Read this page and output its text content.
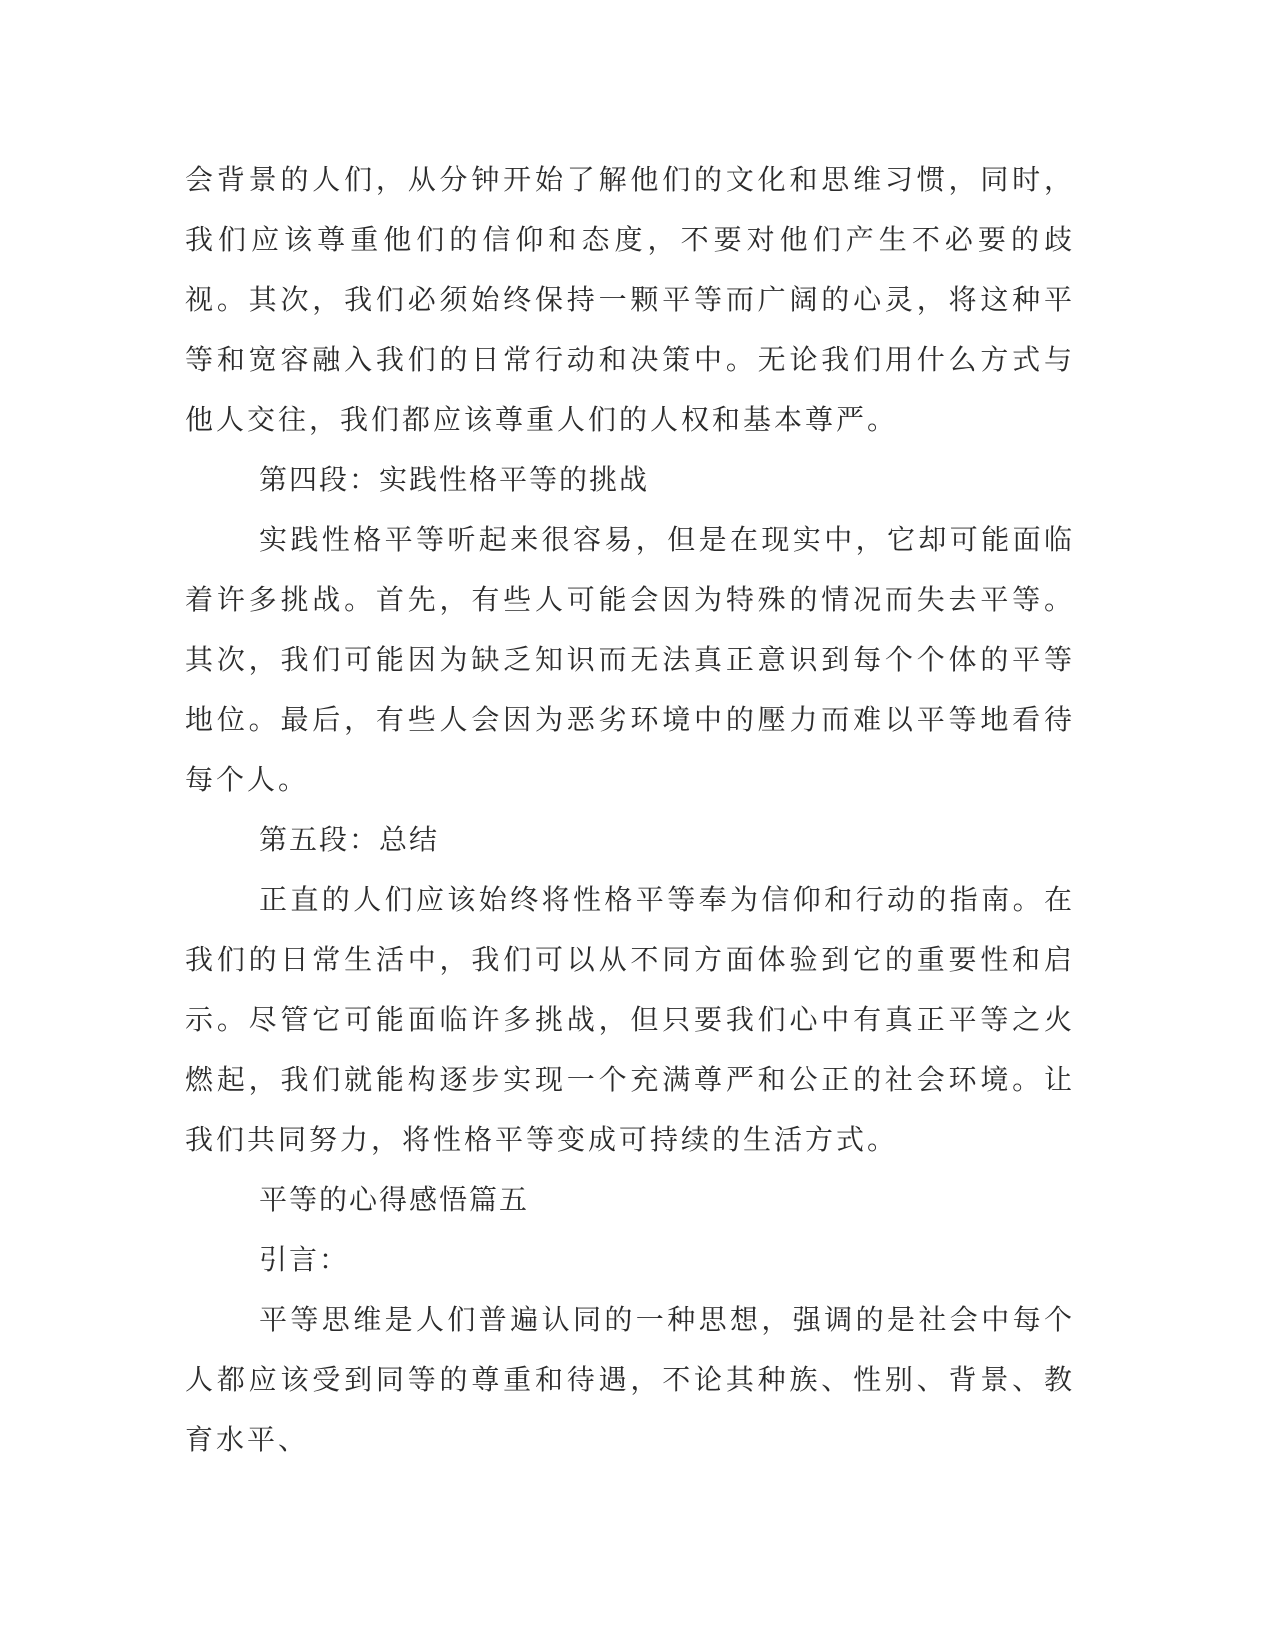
会背景的人们，从分钟开始了解他们的文化和思维习惯，同时，我们应该尊重他们的信仰和态度，不要对他们产生不必要的歧视。其次，我们必须始终保持一颗平等而广阔的心灵，将这种平等和宽容融入我们的日常行动和决策中。无论我们用什么方式与他人交往，我们都应该尊重人们的人权和基本尊严。

第四段：实践性格平等的挑战

实践性格平等听起来很容易，但是在现实中，它却可能面临着许多挑战。首先，有些人可能会因为特殊的情况而失去平等。其次，我们可能因为缺乏知识而无法真正意识到每个个体的平等地位。最后，有些人会因为恶劣环境中的壓力而难以平等地看待每个人。

第五段：总结

正直的人们应该始终将性格平等奉为信仰和行动的指南。在我们的日常生活中，我们可以从不同方面体验到它的重要性和启示。尽管它可能面临许多挑战，但只要我们心中有真正平等之火燃起，我们就能构逐步实现一个充满尊严和公正的社会环境。让我们共同努力，将性格平等变成可持续的生活方式。

平等的心得感悟篇五

引言：

平等思维是人们普遍认同的一种思想，强调的是社会中每个人都应该受到同等的尊重和待遇，不论其种族、性别、背景、教育水平、
